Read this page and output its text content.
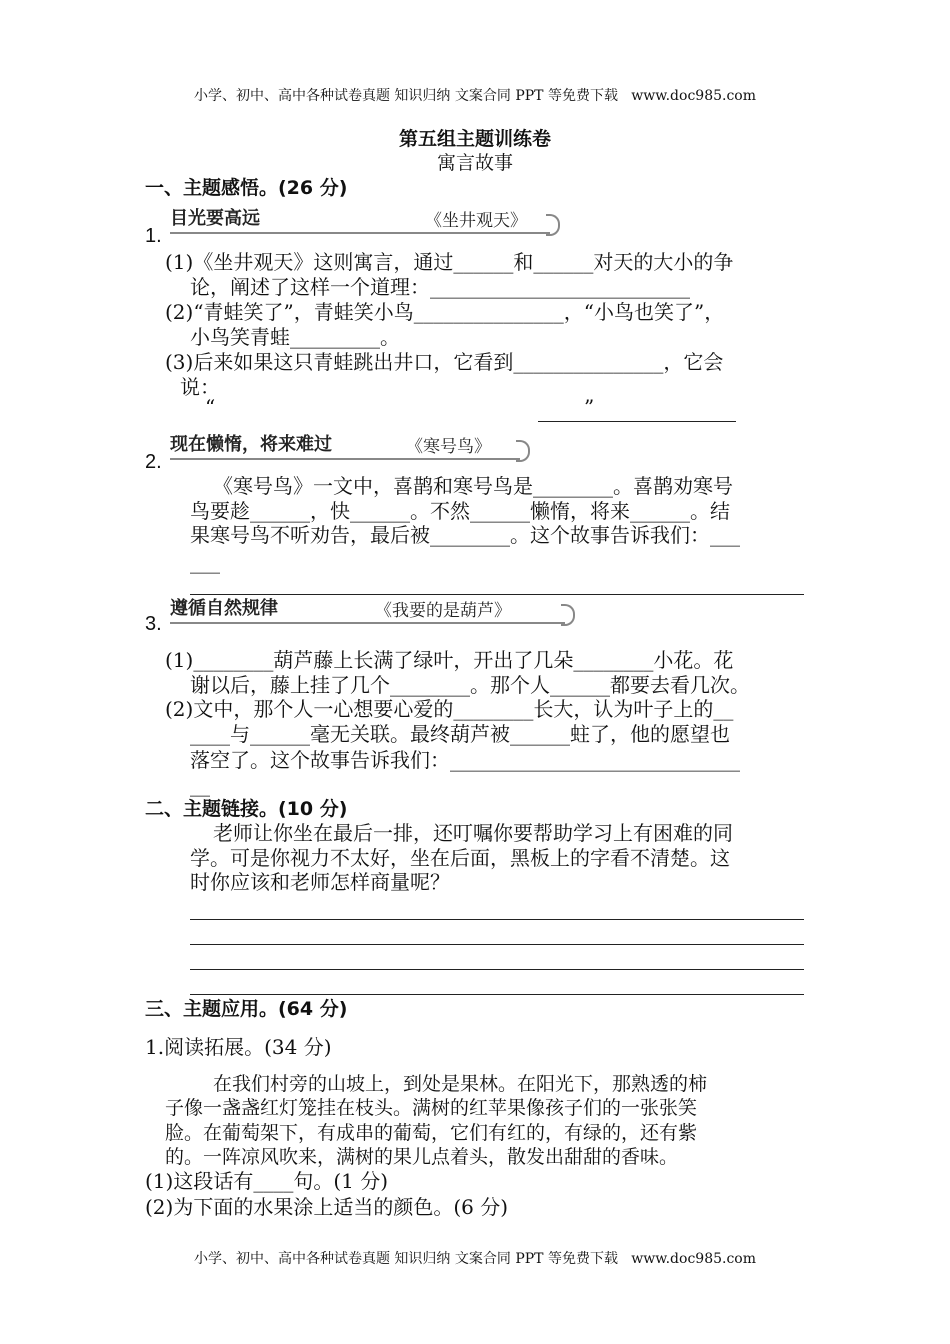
小学、初中、高中各种试卷真题 知识归纳 文案合同 PPT 等免费下载   www.doc985.com
第五组主题训练卷
寓言故事
一、主题感悟。(26 分)
1.
目光要高远	《坐井观天》
(1)《坐井观天》这则寓言，通过______和______对天的大小的争
论，阐述了这样一个道理：__________________________
(2)“青蛙笑了”，青蛙笑小鸟_______________，“小鸟也笑了”，
小鸟笑青蛙_________。
(3)后来如果这只青蛙跳出井口，它看到_______________，它会
说：
“                                                          ”
2.
现在懒惰，将来难过	《寒号鸟》
《寒号鸟》一文中，喜鹊和寒号鸟是________。喜鹊劝寒号
鸟要趁______，快______。不然______懒惰，将来______。结
果寒号鸟不听劝告，最后被________。这个故事告诉我们：___
___
3.
遵循自然规律	《我要的是葫芦》
(1)________葫芦藤上长满了绿叶，开出了几朵________小花。花
谢以后，藤上挂了几个________。那个人______都要去看几次。
(2)文中，那个人一心想要心爱的________长大，认为叶子上的__
____与______毫无关联。最终葫芦被______蛀了，他的愿望也
落空了。这个故事告诉我们：_____________________________
__
二、主题链接。(10 分)
老师让你坐在最后一排，还叮嘱你要帮助学习上有困难的同
学。可是你视力不太好，坐在后面，黑板上的字看不清楚。这
时你应该和老师怎样商量呢？
三、主题应用。(64 分)
1.阅读拓展。(34 分)
在我们村旁的山坡上，到处是果林。在阳光下，那熟透的柿
子像一盏盏红灯笼挂在枝头。满树的红苹果像孩子们的一张张笑
脸。在葡萄架下，有成串的葡萄，它们有红的，有绿的，还有紫
的。一阵凉风吹来，满树的果儿点着头，散发出甜甜的香味。
(1)这段话有____句。(1 分)
(2)为下面的水果涂上适当的颜色。(6 分)
小学、初中、高中各种试卷真题 知识归纳 文案合同 PPT 等免费下载   www.doc985.com
